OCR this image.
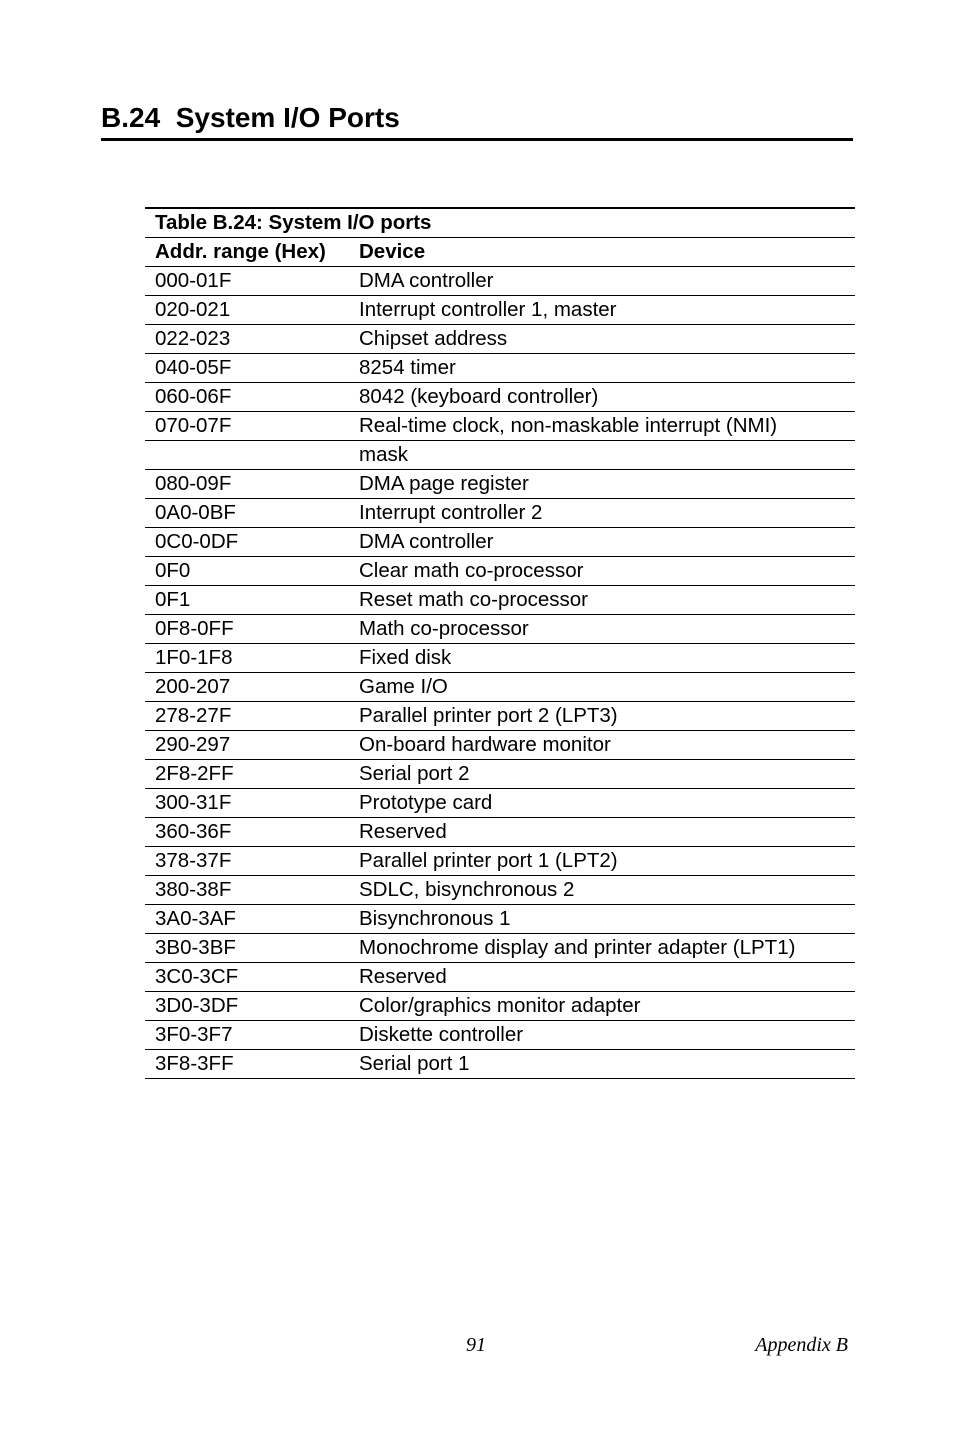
B.24  System I/O Ports
Table B.24: System I/O ports	
Addr. range (Hex)	Device
000-01F	DMA controller
020-021	Interrupt controller 1, master
022-023	Chipset address
040-05F	8254 timer
060-06F	8042 (keyboard controller)
070-07F	Real-time clock, non-maskable interrupt (NMI)
	mask
080-09F	DMA page register
0A0-0BF	Interrupt controller 2
0C0-0DF	DMA controller
0F0	Clear math co-processor
0F1	Reset math co-processor
0F8-0FF	Math co-processor
1F0-1F8	Fixed disk
200-207	Game I/O
278-27F	Parallel printer port 2 (LPT3)
290-297	On-board hardware monitor
2F8-2FF	Serial port 2
300-31F	Prototype card
360-36F	Reserved
378-37F	Parallel printer port 1 (LPT2)
380-38F	SDLC, bisynchronous 2
3A0-3AF	Bisynchronous 1
3B0-3BF	Monochrome display and printer adapter (LPT1)
3C0-3CF	Reserved
3D0-3DF	Color/graphics monitor adapter
3F0-3F7	Diskette controller
3F8-3FF	Serial port 1
91	Appendix B
